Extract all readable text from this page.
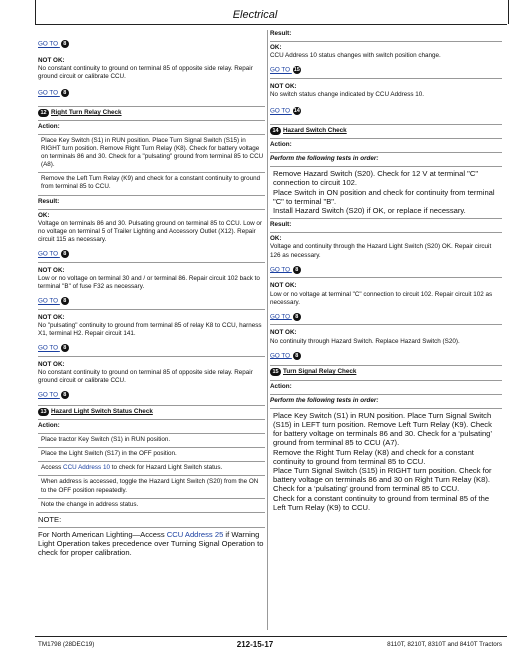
Electrical

GO TO 8

NOT OK:

No constant continuity to ground on terminal 85 of opposite side relay. Repair ground circuit or calibrate CCU.

GO TO 8

12 Right Turn Relay Check

Action:

Place Key Switch (S1) in RUN position. Place Turn Signal Switch (S15) in RIGHT turn position. Remove Right Turn Relay (K8). Check for battery voltage on terminals 86 and 30. Check for a "pulsating" ground from terminal 85 to CCU (A8).

Remove the Left Turn Relay (K9) and check for a constant continuity to ground from terminal 85 to CCU.

Result:

OK:

Voltage on terminals 86 and 30. Pulsating ground on terminal 85 to CCU. Low or no voltage on terminal 5 of Trailer Lighting and Accessory Outlet (X12). Repair circuit 115 as necessary.

GO TO 8

NOT OK:

Low or no voltage on terminal 30 and / or terminal 86. Repair circuit 102 back to terminal "B" of fuse F32 as necessary.

GO TO 8

NOT OK:

No "pulsating" continuity to ground from terminal 85 of relay K8 to CCU, harness X1, terminal H2. Repair circuit 141.

GO TO 8

NOT OK:

No constant continuity to ground on terminal 85 of opposite side relay. Repair ground circuit or calibrate CCU.

GO TO 8

13 Hazard Light Switch Status Check

Action:

Place tractor Key Switch (S1) in RUN position.

Place the Light Switch (S17) in the OFF position.

Access CCU Address 10 to check for Hazard Light Switch status.

When address is accessed, toggle the Hazard Light Switch (S20) from the ON to the OFF position repeatedly.

Note the change in address status.

NOTE:

For North American Lighting—Access CCU Address 25 if Warning Light Operation takes precedence over Turning Signal Operation to check for proper calibration.

Result:

OK:

CCU Address 10 status changes with switch position change.

GO TO 15

NOT OK:

No switch status change indicated by CCU Address 10.

GO TO 14

14 Hazard Switch Check

Action:

Perform the following tests in order:

Remove Hazard Switch (S20). Check for 12 V at terminal "C" connection to circuit 102.

Place Switch in ON position and check for continuity from terminal "C" to terminal "B".

Install Hazard Switch (S20) if OK, or replace if necessary.

Result:

OK:

Voltage and continuity through the Hazard Light Switch (S20) OK. Repair circuit 126 as necessary.

GO TO 8

NOT OK:

Low or no voltage at terminal "C" connection to circuit 102. Repair circuit 102 as necessary.

GO TO 8

NOT OK:

No continuity through Hazard Switch. Replace Hazard Switch (S20).

GO TO 8

15 Turn Signal Relay Check

Action:

Perform the following tests in order:

Place Key Switch (S1) in RUN position. Place Turn Signal Switch (S15) in LEFT turn position. Remove Left Turn Relay (K9). Check for battery voltage on terminals 86 and 30. Check for a ‘pulsating’ ground from terminal 85 to CCU (A7).

Remove the Right Turn Relay (K8) and check for a constant continuity to ground from terminal 85 to CCU.

Place Turn Signal Switch (S15) in RIGHT turn position. Check for battery voltage on terminals 86 and 30 on Right Turn Relay (K8). Check for a ‘pulsating’ ground from terminal 85 to CCU.

Check for a constant continuity to ground from terminal 85 of the Left Turn Relay (K9) to CCU.

TM1798 (28DEC19)	212-15-17	8110T, 8210T, 8310T and 8410T Tractors
